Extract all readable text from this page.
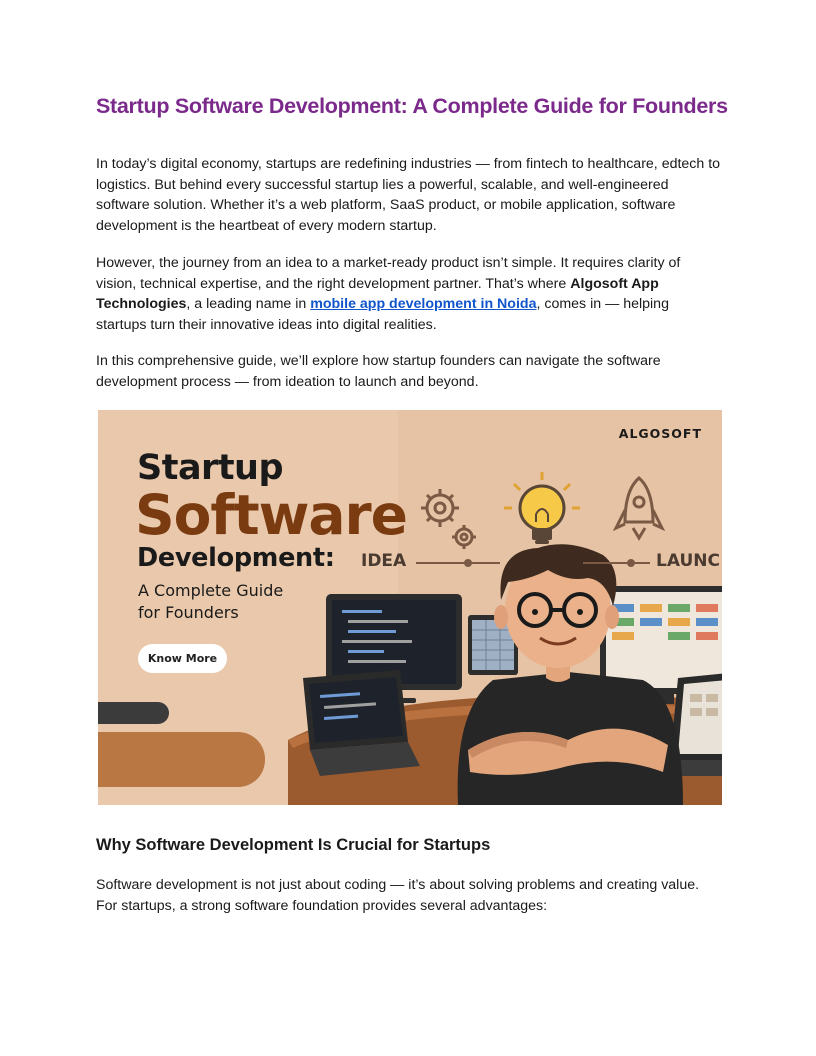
Startup Software Development: A Complete Guide for Founders

In today’s digital economy, startups are redefining industries — from fintech to healthcare, edtech to logistics. But behind every successful startup lies a powerful, scalable, and well-engineered software solution. Whether it’s a web platform, SaaS product, or mobile application, software development is the heartbeat of every modern startup.

However, the journey from an idea to a market-ready product isn’t simple. It requires clarity of vision, technical expertise, and the right development partner. That’s where Algosoft App Technologies, a leading name in mobile app development in Noida, comes in — helping startups turn their innovative ideas into digital realities.

In this comprehensive guide, we’ll explore how startup founders can navigate the software development process — from ideation to launch and beyond.

Why Software Development Is Crucial for Startups

Software development is not just about coding — it’s about solving problems and creating value. For startups, a strong software foundation provides several advantages:

ALGOSOFT
Startup
Software
Development:
A Complete Guide
for Founders
IDEA	LAUNC
Know More
